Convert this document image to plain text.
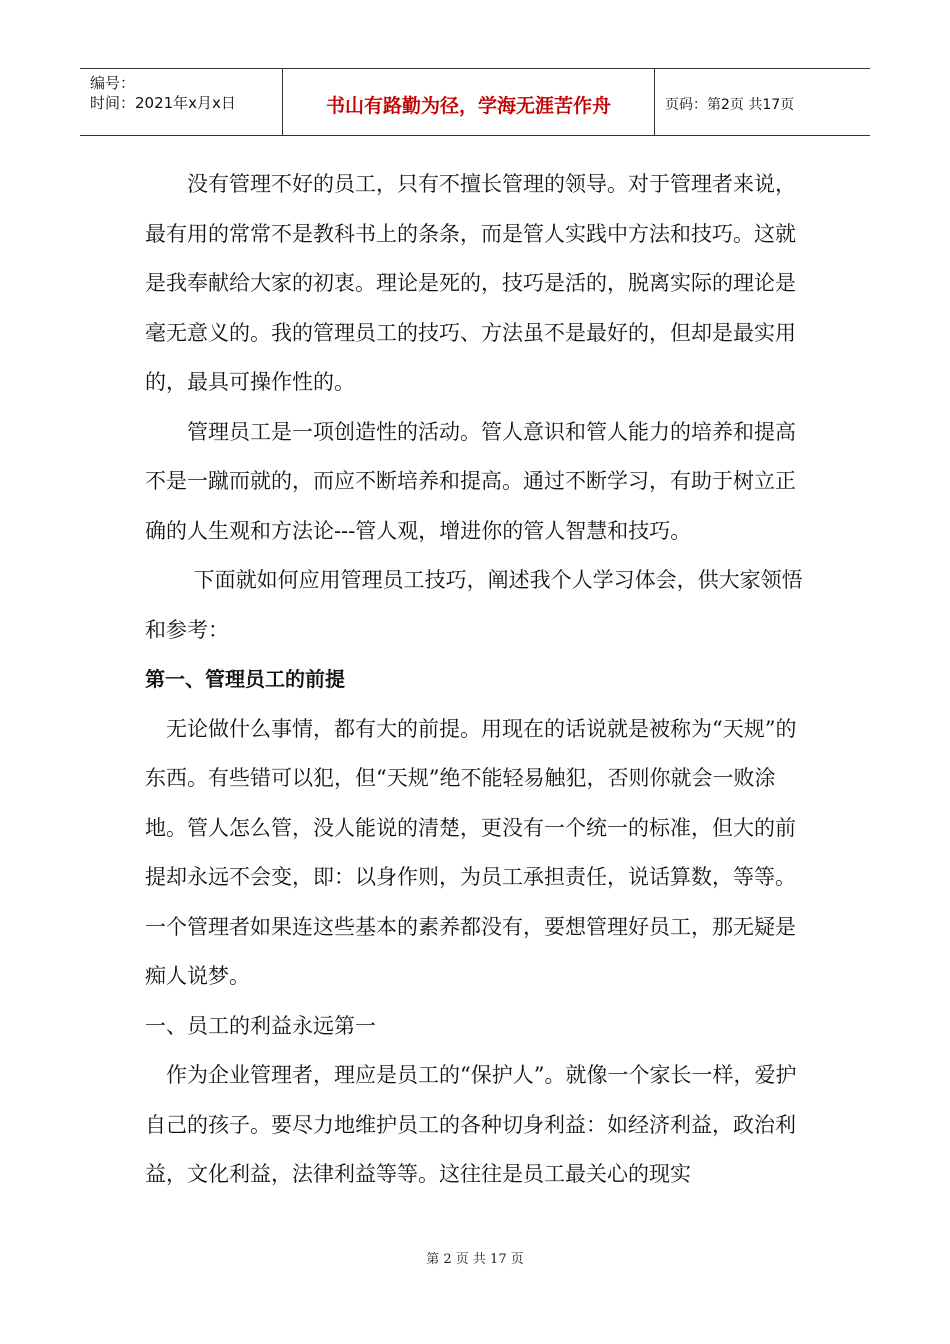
编号：
时间：2021年x月x日	书山有路勤为径，学海无涯苦作舟	页码：第2页 共17页

　　没有管理不好的员工，只有不擅长管理的领导。对于管理者来说，最有用的常常不是教科书上的条条，而是管人实践中方法和技巧。这就是我奉献给大家的初衷。理论是死的，技巧是活的，脱离实际的理论是毫无意义的。我的管理员工的技巧、方法虽不是最好的，但却是最实用的，最具可操作性的。

　　管理员工是一项创造性的活动。管人意识和管人能力的培养和提高不是一蹴而就的，而应不断培养和提高。通过不断学习，有助于树立正确的人生观和方法论---管人观，增进你的管人智慧和技巧。

　　 下面就如何应用管理员工技巧，阐述我个人学习体会，供大家领悟和参考：

第一、管理员工的前提

　无论做什么事情，都有大的前提。用现在的话说就是被称为“天规”的东西。有些错可以犯，但“天规”绝不能轻易触犯，否则你就会一败涂地。管人怎么管，没人能说的清楚，更没有一个统一的标准，但大的前提却永远不会变，即：以身作则，为员工承担责任，说话算数，等等。一个管理者如果连这些基本的素养都没有，要想管理好员工，那无疑是痴人说梦。

一、员工的利益永远第一

　作为企业管理者，理应是员工的“保护人”。就像一个家长一样，爱护自己的孩子。要尽力地维护员工的各种切身利益：如经济利益，政治利益，文化利益，法律利益等等。这往往是员工最关心的现实

第 2 页 共 17 页
